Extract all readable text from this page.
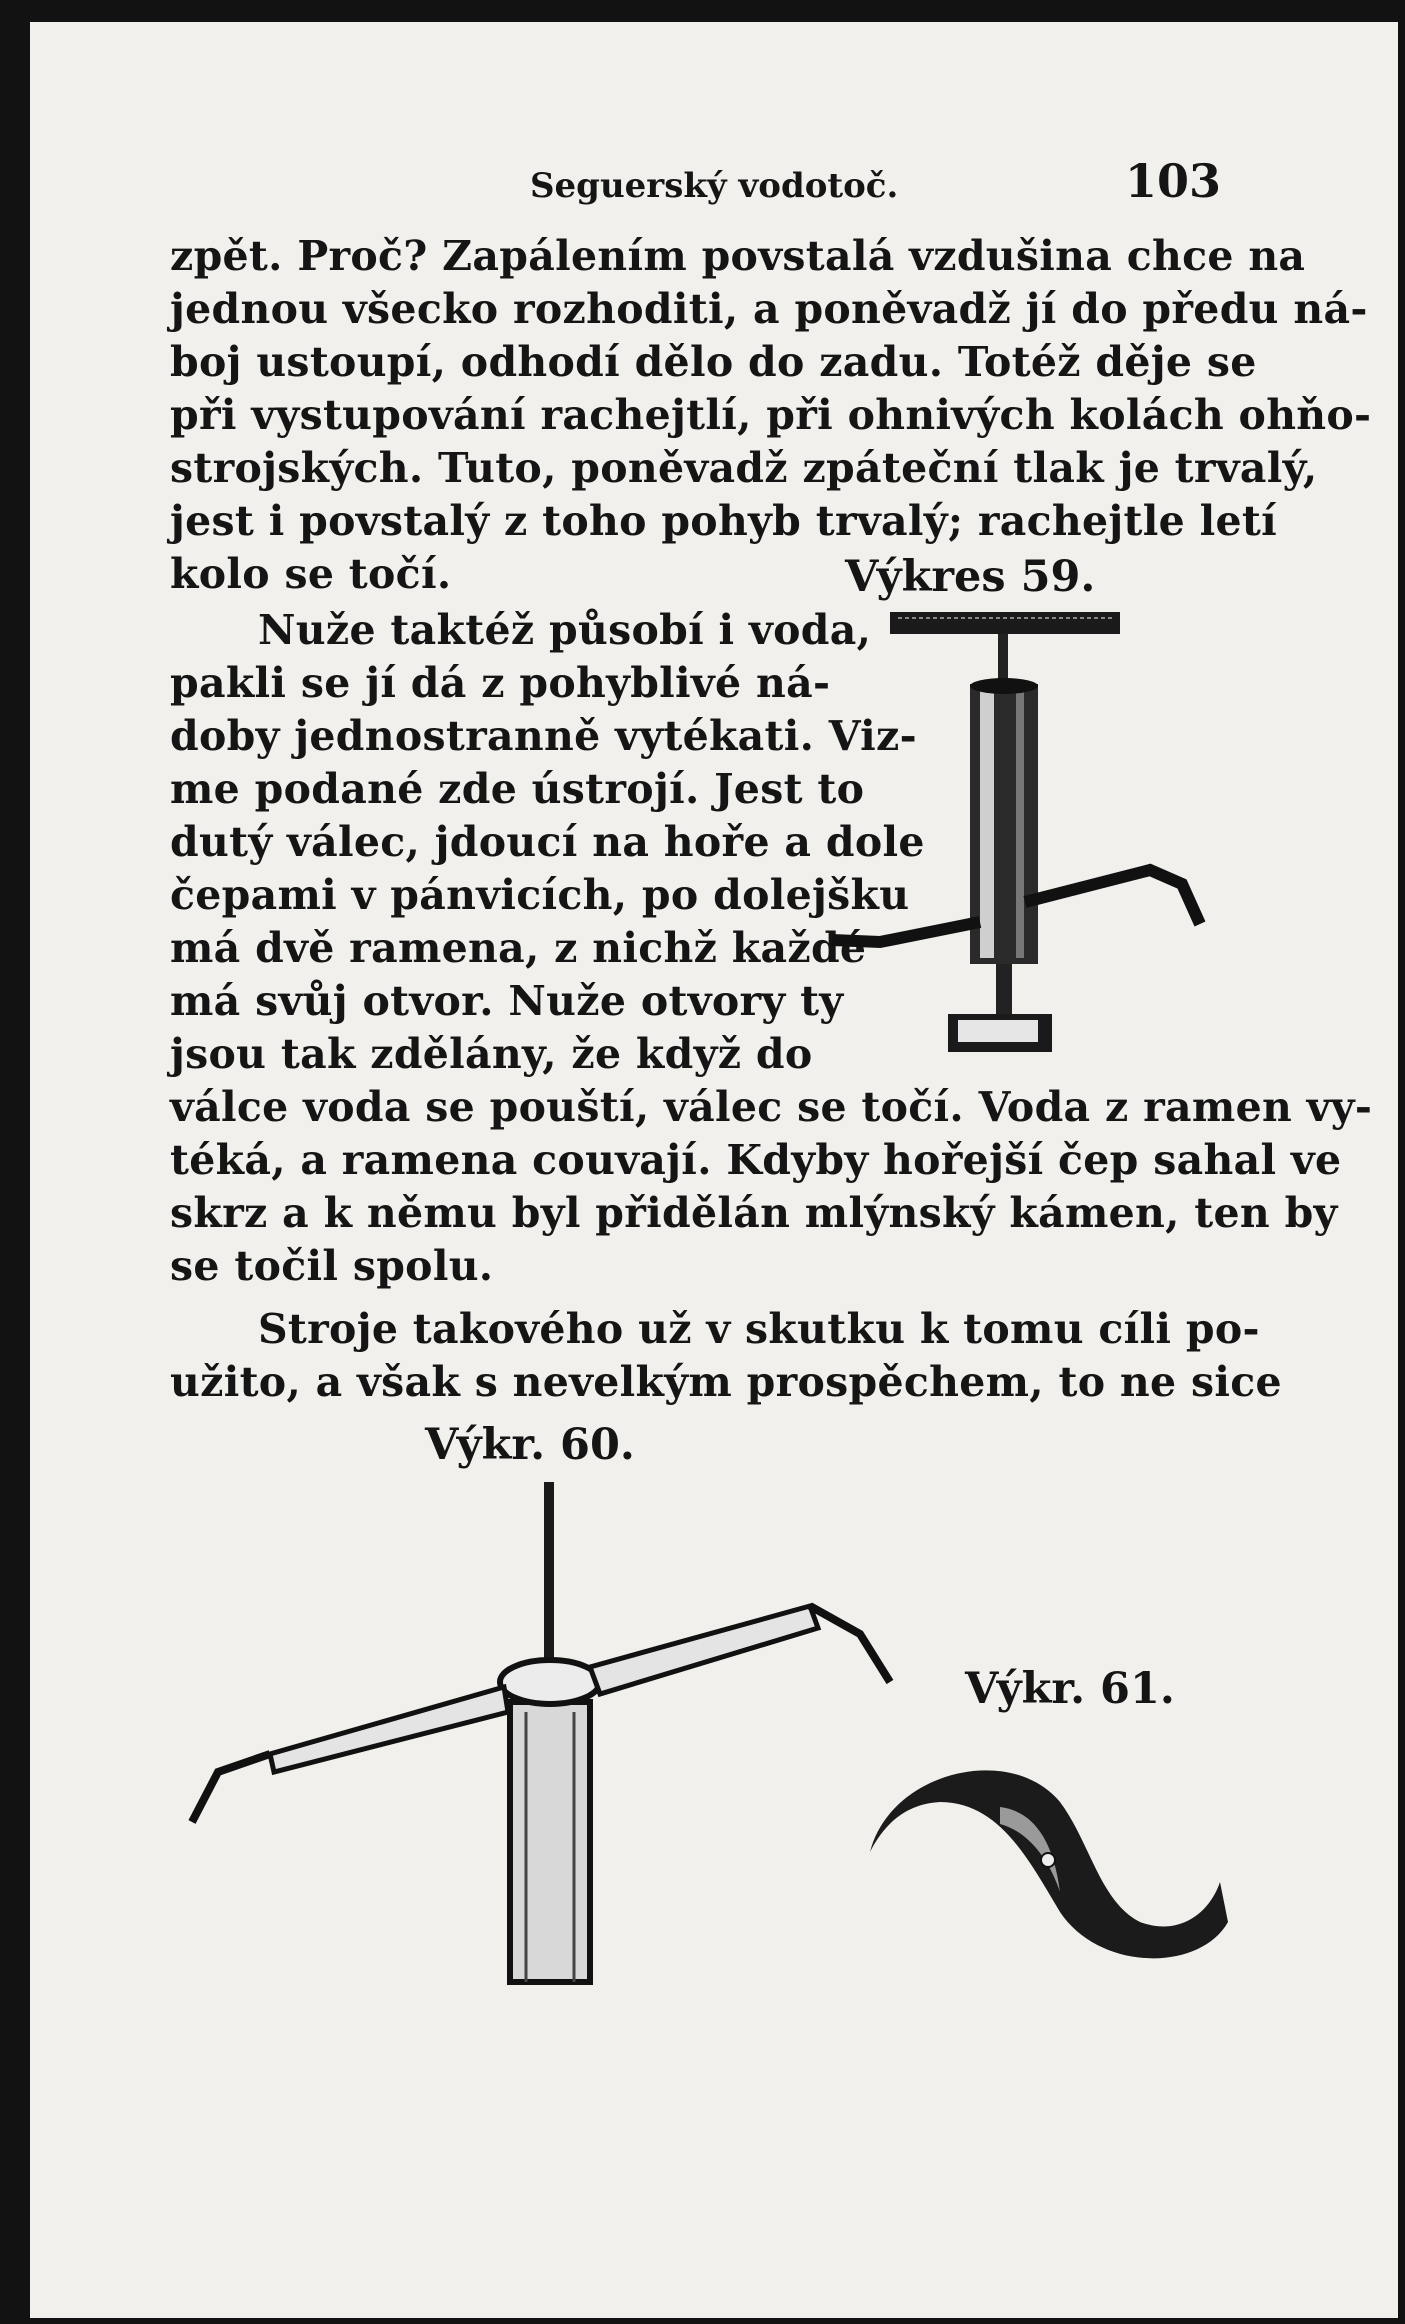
Seguerský vodotoč.	103
zpět. Proč? Zapálením povstalá vzdušina chce na
jednou všecko rozhoditi, a poněvadž jí do předu ná-
boj ustoupí, odhodí dělo do zadu. Totéž děje se
při vystupování rachejtlí, při ohnivých kolách ohňo-
strojských. Tuto, poněvadž zpáteční tlak je trvalý,
jest i povstalý z toho pohyb trvalý; rachejtle letí
kolo se točí.
Nuže taktéž působí i voda,
pakli se jí dá z pohyblivé ná-
doby jednostranně vytékati. Viz-
me podané zde ústrojí. Jest to
dutý válec, jdoucí na hoře a dole
čepami v pánvicích, po dolejšku
má dvě ramena, z nichž každé
má svůj otvor. Nuže otvory ty
jsou tak zdělány, že když do
válce voda se pouští, válec se točí. Voda z ramen vy-
téká, a ramena couvají. Kdyby hořejší čep sahal ve
skrz a k němu byl přidělán mlýnský kámen, ten by
se točil spolu.
Stroje takového už v skutku k tomu cíli po-
užito, a však s nevelkým prospěchem, to ne sice
Výkres 59.
Výkr. 60.
Výkr. 61.
